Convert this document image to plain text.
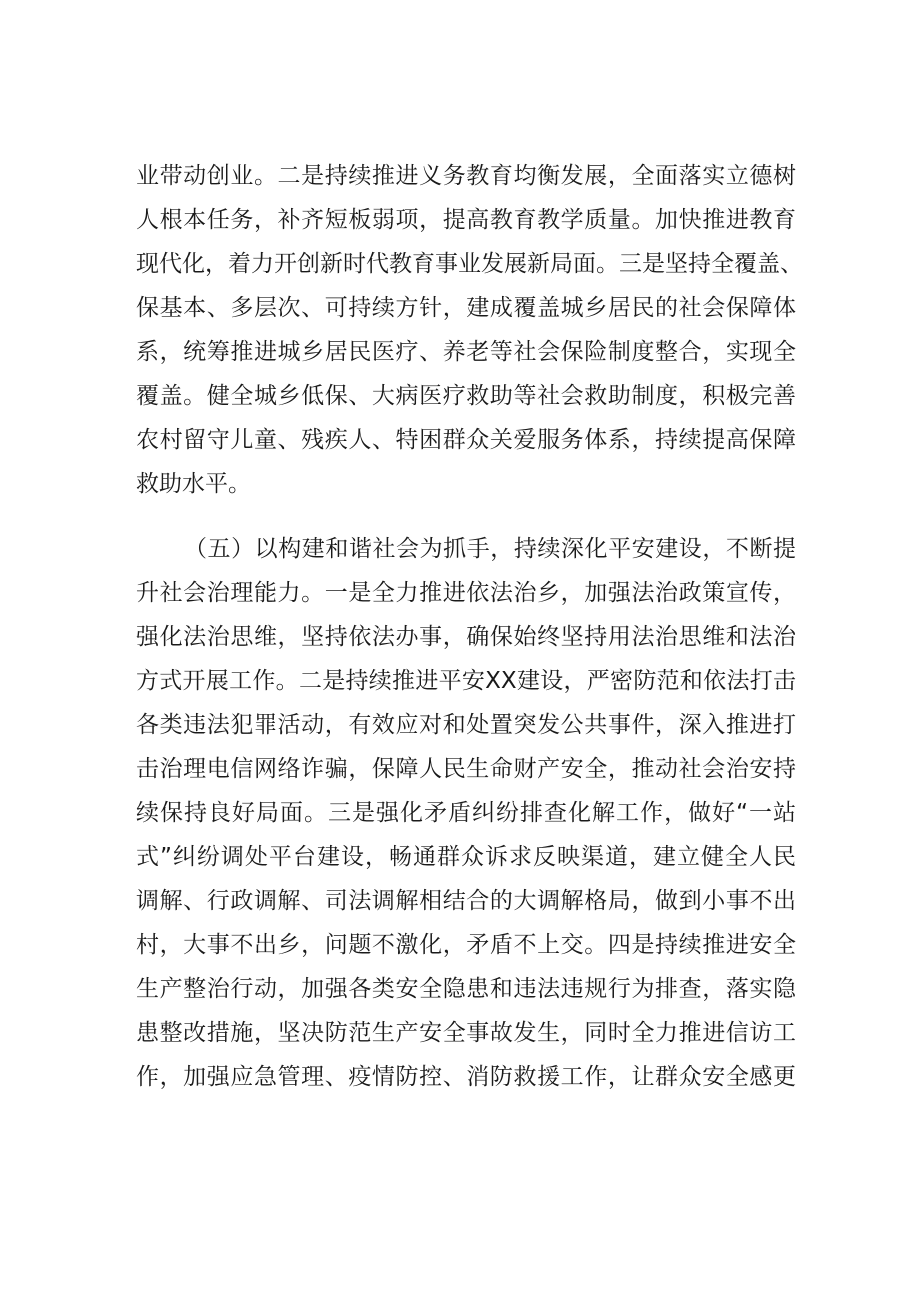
业带动创业。二是持续推进义务教育均衡发展，全面落实立德树
人根本任务，补齐短板弱项，提高教育教学质量。加快推进教育
现代化，着力开创新时代教育事业发展新局面。三是坚持全覆盖、
保基本、多层次、可持续方针，建成覆盖城乡居民的社会保障体
系，统筹推进城乡居民医疗、养老等社会保险制度整合，实现全
覆盖。健全城乡低保、大病医疗救助等社会救助制度，积极完善
农村留守儿童、残疾人、特困群众关爱服务体系，持续提高保障
救助水平。
（五）以构建和谐社会为抓手，持续深化平安建设，不断提
升社会治理能力。一是全力推进依法治乡，加强法治政策宣传，
强化法治思维，坚持依法办事，确保始终坚持用法治思维和法治
方式开展工作。二是持续推进平安XX建设，严密防范和依法打击
各类违法犯罪活动，有效应对和处置突发公共事件，深入推进打
击治理电信网络诈骗，保障人民生命财产安全，推动社会治安持
续保持良好局面。三是强化矛盾纠纷排查化解工作，做好“一站
式”纠纷调处平台建设，畅通群众诉求反映渠道，建立健全人民
调解、行政调解、司法调解相结合的大调解格局，做到小事不出
村，大事不出乡，问题不激化，矛盾不上交。四是持续推进安全
生产整治行动，加强各类安全隐患和违法违规行为排查，落实隐
患整改措施，坚决防范生产安全事故发生，同时全力推进信访工
作，加强应急管理、疫情防控、消防救援工作，让群众安全感更
